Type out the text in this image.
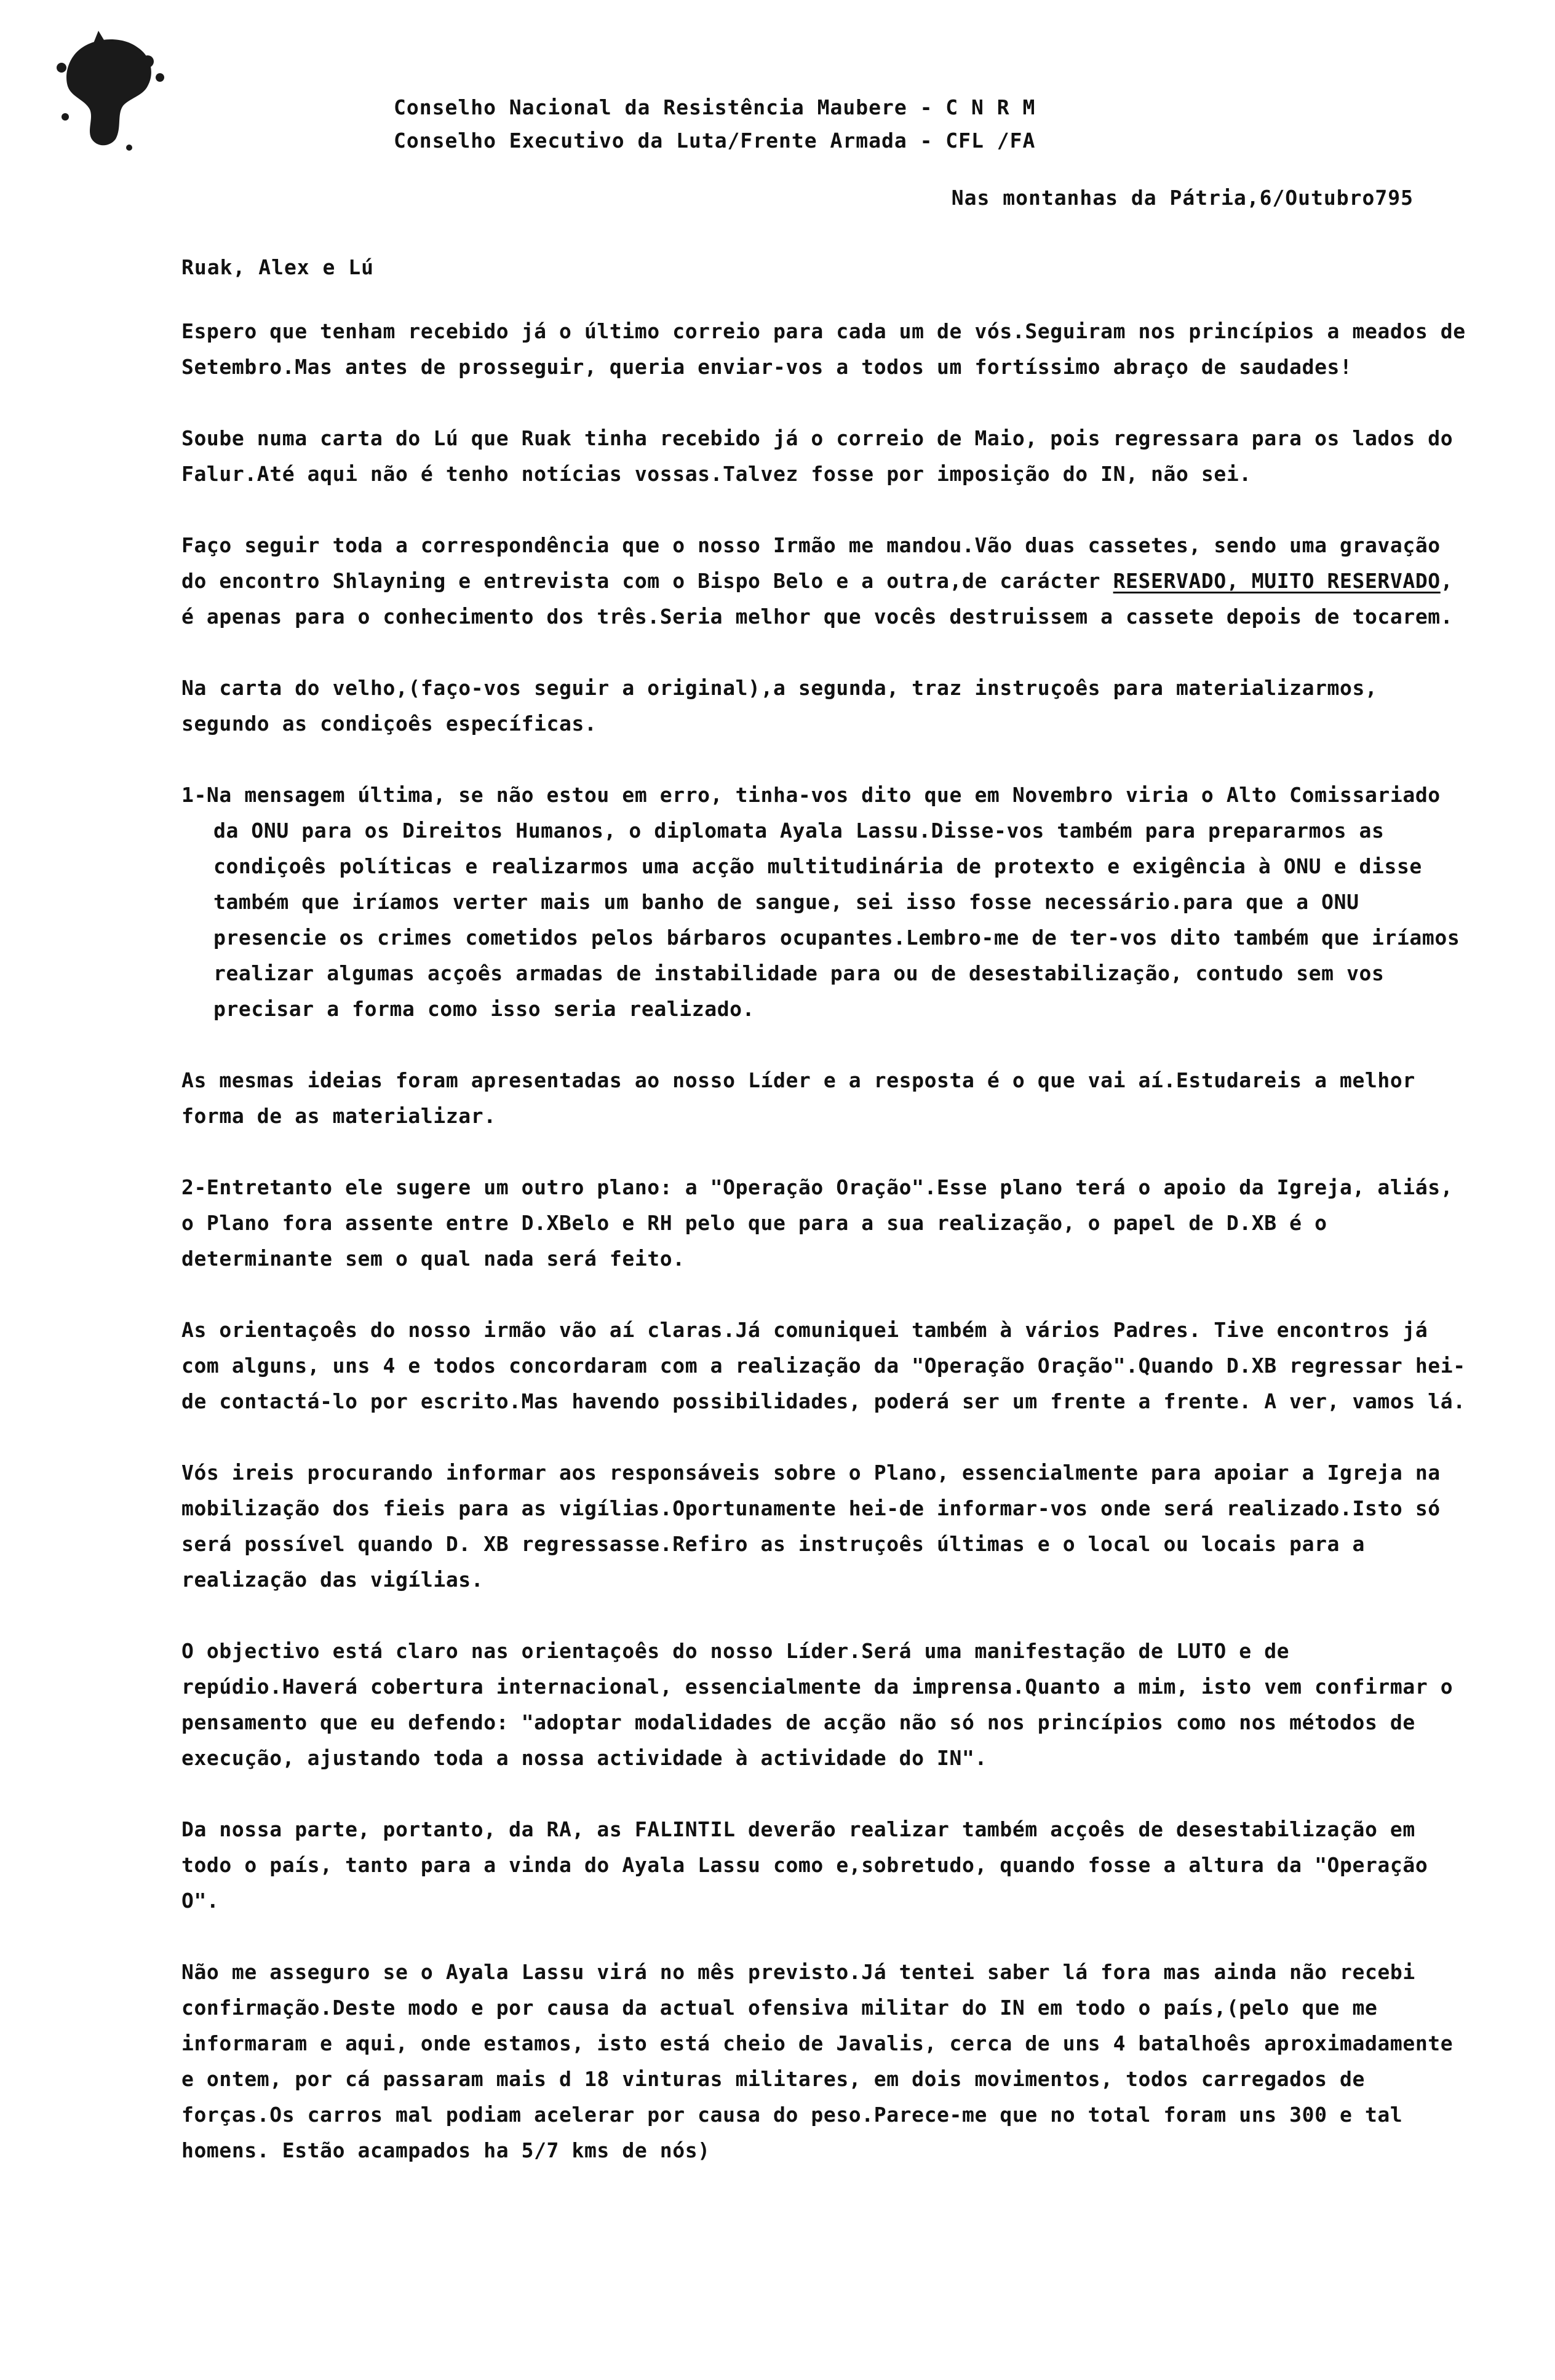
Conselho Nacional da Resistência Maubere - C N R M
Conselho Executivo da Luta/Frente Armada - CFL /FA
Nas montanhas da Pátria,6/Outubro795
Ruak, Alex e Lú

Espero que tenham recebido já o último correio para cada um de vós.Seguiram nos princípios a meados de Setembro.Mas antes de prosseguir, queria enviar-vos a todos um fortíssimo abraço de saudades!

Soube numa carta do Lú que Ruak tinha recebido já o correio de Maio, pois regressara para os lados do Falur.Até aqui não é tenho notícias vossas.Talvez fosse por imposição do IN, não sei.

Faço seguir toda a correspondência que o nosso Irmão me mandou.Vão duas cassetes, sendo uma gravação do encontro Shlayning e entrevista com o Bispo Belo e a outra,de carácter RESERVADO, MUITO RESERVADO, é apenas para o conhecimento dos três.Seria melhor que vocês destruissem a cassete depois de tocarem.

Na carta do velho,(faço-vos seguir a original),a segunda, traz instruçoês para materializarmos, segundo as condiçoês específicas.

1-Na mensagem última, se não estou em erro, tinha-vos dito que em Novembro viria o Alto Comissariado da ONU para os Direitos Humanos, o diplomata Ayala Lassu.Disse-vos também para prepararmos as condiçoês políticas e realizarmos uma acção multitudinária de protexto e exigência à ONU e disse também que iríamos verter mais um banho de sangue, sei isso fosse necessário.para que a ONU presencie os crimes cometidos pelos bárbaros ocupantes.Lembro-me de ter-vos dito também que iríamos realizar algumas acçoês armadas de instabilidade para ou de desestabilização, contudo sem vos precisar a forma como isso seria realizado.

As mesmas ideias foram apresentadas ao nosso Líder e a resposta é o que vai aí.Estudareis a melhor forma de as materializar.

2-Entretanto ele sugere um outro plano: a "Operação Oração".Esse plano terá o apoio da Igreja, aliás, o Plano fora assente entre D.XBelo e RH pelo que para a sua realização, o papel de D.XB é o determinante sem o qual nada será feito.

As orientaçoês do nosso irmão vão aí claras.Já comuniquei também à vários Padres. Tive encontros já com alguns, uns 4 e todos concordaram com a realização da "Operação Oração".Quando D.XB regressar hei-de contactá-lo por escrito.Mas havendo possibilidades, poderá ser um frente a frente. A ver, vamos lá.

Vós ireis procurando informar aos responsáveis sobre o Plano, essencialmente para apoiar a Igreja na mobilização dos fieis para as vigílias.Oportunamente hei-de informar-vos onde será realizado.Isto só será possível quando D. XB regressasse.Refiro as instruçoês últimas e o local ou locais para a realização das vigílias.

O objectivo está claro nas orientaçoês do nosso Líder.Será uma manifestação de LUTO e de repúdio.Haverá cobertura internacional, essencialmente da imprensa.Quanto a mim, isto vem confirmar o pensamento que eu defendo: "adoptar modalidades de acção não só nos princípios como nos métodos de execução, ajustando toda a nossa actividade à actividade do IN".

Da nossa parte, portanto, da RA, as FALINTIL deverão realizar também acçoês de desestabilização em todo o país, tanto para a vinda do Ayala Lassu como e,sobretudo, quando fosse a altura da "Operação O".

Não me asseguro se o Ayala Lassu virá no mês previsto.Já tentei saber lá fora mas ainda não recebi confirmação.Deste modo e por causa da actual ofensiva militar do IN em todo o país,(pelo que me informaram e aqui, onde estamos, isto está cheio de Javalis, cerca de uns 4 batalhoês aproximadamente e ontem, por cá passaram mais d 18 vinturas militares, em dois movimentos, todos carregados de forças.Os carros mal podiam acelerar por causa do peso.Parece-me que no total foram uns 300 e tal homens. Estão acampados ha 5/7 kms de nós)
